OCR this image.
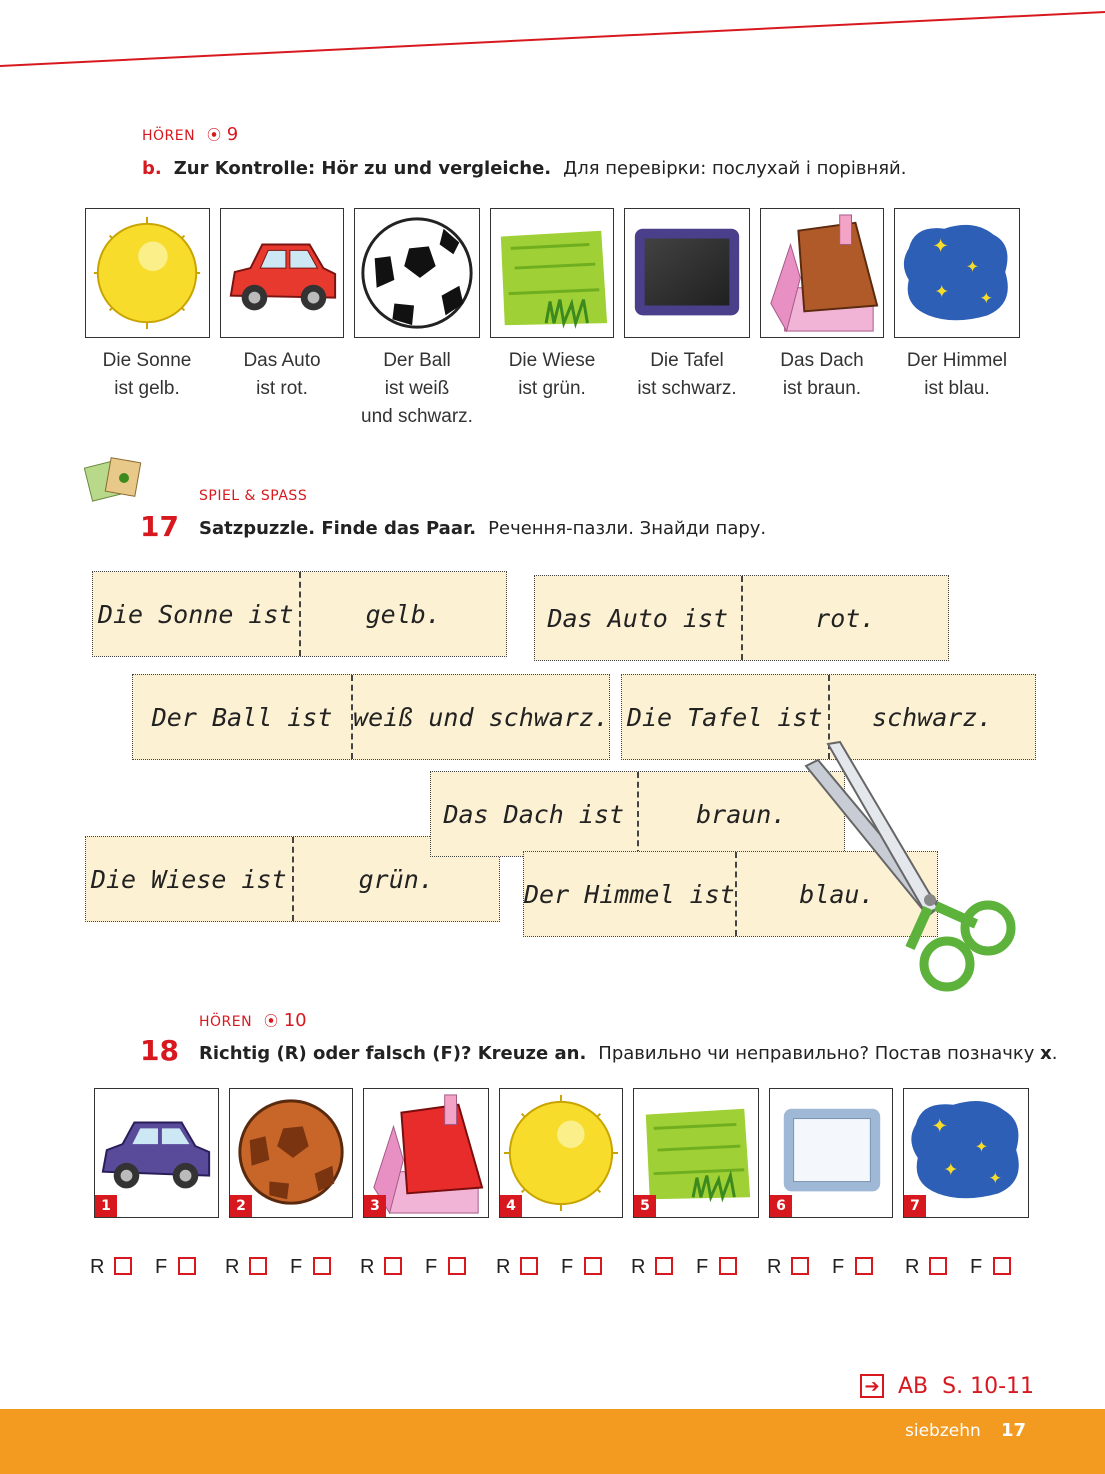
HÖREN ⦿ 9
b. Zur Kontrolle: Hör zu und vergleiche. Для перевірки: послухай і порівняй.
✦
✦
✦ ✦
Die Sonne
ist gelb.
Das Auto
ist rot.
Der Ball
ist weiß
und schwarz.
Die Wiese
ist grün.
Die Tafel
ist schwarz.
Das Dach
ist braun.
Der Himmel
ist blau.
SPIEL & SPASS
17 Satzpuzzle. Finde das Paar. Речення-пазли. Знайди пару.
Die Sonne ist	gelb.	Das Auto ist	rot.
Der Ball ist weiß und schwarz. Die Tafel ist	schwarz.
Die Wiese ist	grün.
Das Dach ist	braun.
Der Himmel ist	blau.
HÖREN ⦿ 10
18 Richtig (R) oder falsch (F)? Kreuze an. Правильно чи неправильно? Постав позначку x.
1	2	3	4	5	6
✦
✦
✦ ✦
7
R	F	R	F	R	F	R	F	R	F	R	F	R	F
➔ AB  S. 10-11
siebzehn 17
